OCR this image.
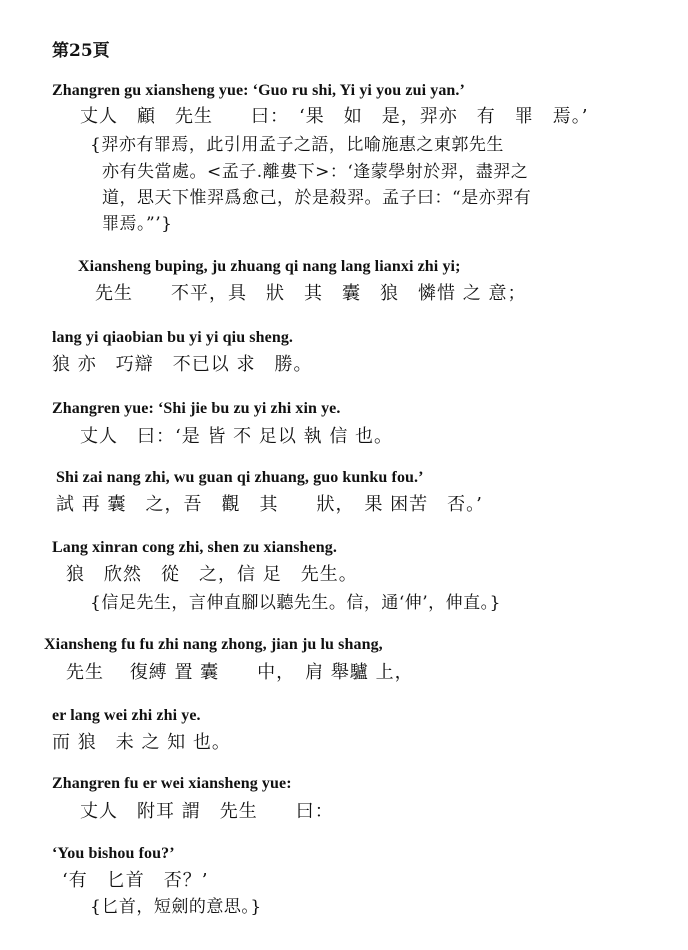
第25頁
Zhangren gu xiansheng yue: ‘Guo ru shi, Yi yi you zui yan.’
丈人　顧　先生　　曰：　‘果　如　是，羿亦　有　罪　焉。’
{羿亦有罪焉，此引用孟子之語，比喻施惠之東郭先生
亦有失當處。<孟子.離婁下>：‘逢蒙學射於羿，盡羿之
道，思天下惟羿爲愈己，於是殺羿。孟子曰：“是亦羿有
罪焉。”’}
Xiansheng buping, ju zhuang qi nang lang lianxi zhi yi;
先生　　不平，具　狀　其　囊　狼　憐惜 之 意；
lang yi qiaobian bu yi yi qiu sheng.
狼 亦　巧辯　不已以 求　勝。
Zhangren yue: ‘Shi jie bu zu yi zhi xin ye.
丈人　曰：‘是 皆 不 足以 執 信 也。
Shi zai nang zhi, wu guan qi zhuang, guo kunku fou.’
試 再 囊　之，吾　觀　其　　狀，　果 困苦　否。’
Lang xinran cong zhi, shen zu xiansheng.
狼　欣然　從　之，信 足　先生。
{信足先生，言伸直腳以聽先生。信，通‘伸’，伸直。}
Xiansheng fu fu zhi nang zhong, jian ju lu shang,
先生　 復縛 置 囊　　中，　肩 舉驢 上，
er lang wei zhi zhi ye.
而 狼　未 之 知 也。
Zhangren fu er wei xiansheng yue:
丈人　附耳 謂　先生　　曰：
‘You bishou fou?’
‘有　匕首　否？’
{匕首，短劍的意思。}
